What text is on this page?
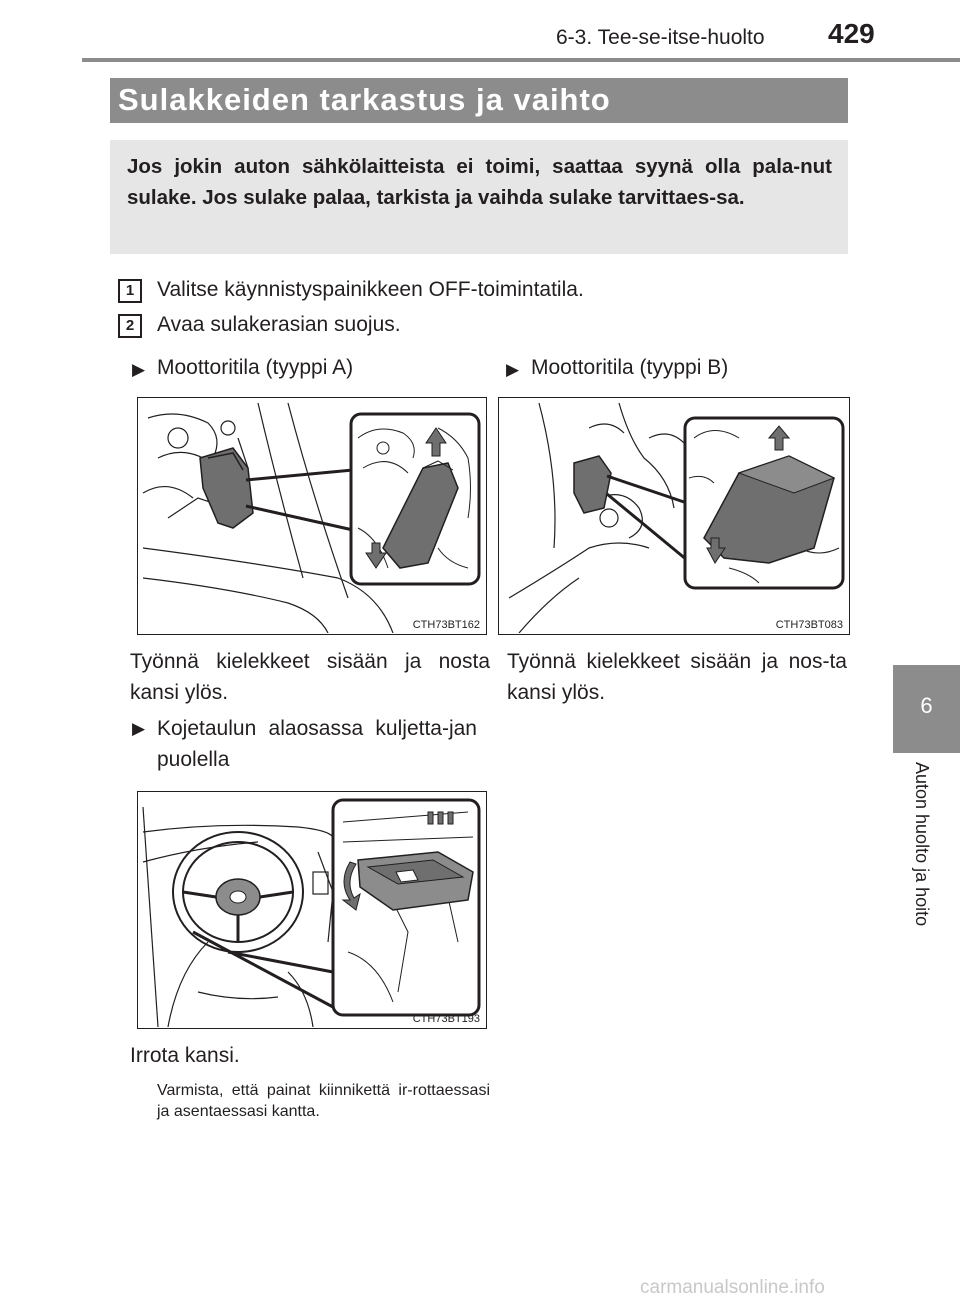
6-3. Tee-se-itse-huolto 429
Sulakkeiden tarkastus ja vaihto
Jos jokin auton sähkölaitteista ei toimi, saattaa syynä olla pala-nut sulake. Jos sulake palaa, tarkista ja vaihda sulake tarvittaes-sa.
1	Valitse käynnistyspainikkeen OFF-toimintatila.
2	Avaa sulakerasian suojus.
▶ Moottoritila (tyyppi A)	▶ Moottoritila (tyyppi B)
CTH73BT162	CTH73BT083
Työnnä kielekkeet sisään ja nosta kansi ylös.
Työnnä kielekkeet sisään ja nos-ta kansi ylös.
▶ Kojetaulun alaosassa kuljetta-jan puolella
CTH73BT193
Irrota kansi.
Varmista, että painat kiinnikettä ir-rottaessasi ja asentaessasi kantta.
6
Auton huolto ja hoito
carmanualsonline.info
